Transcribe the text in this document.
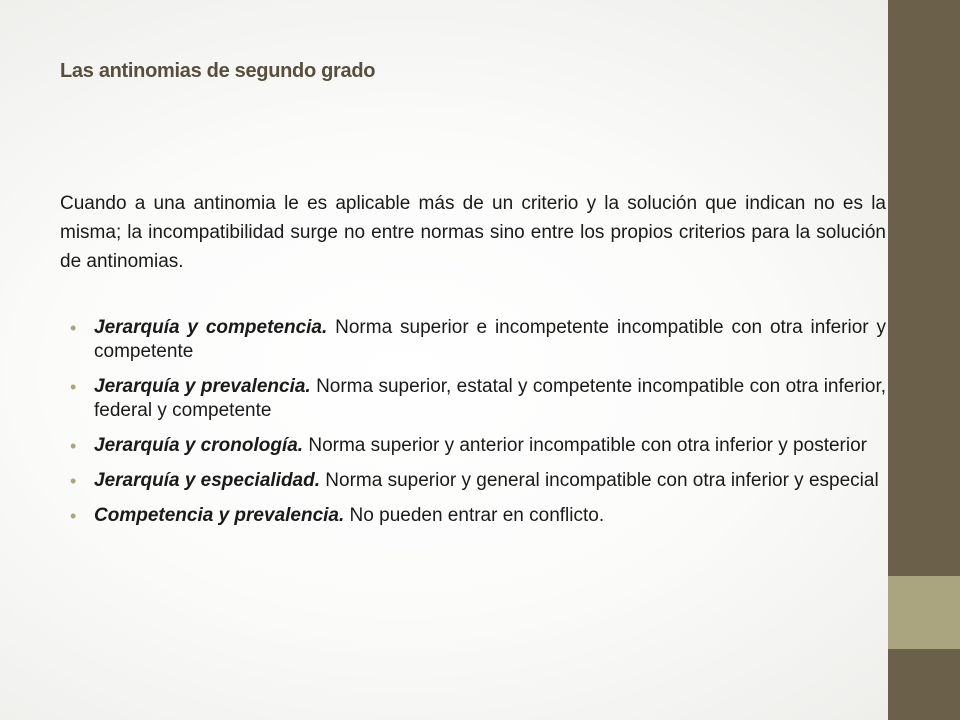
Las antinomias de segundo grado

Cuando a una antinomia le es aplicable más de un criterio y la solución que indican no es la misma; la incompatibilidad surge no entre normas sino entre los propios criterios para la solución de antinomias.

• Jerarquía y competencia. Norma superior e incompetente incompatible con otra inferior y competente
• Jerarquía y prevalencia. Norma superior, estatal y competente incompatible con otra inferior, federal y competente
• Jerarquía y cronología. Norma superior y anterior incompatible con otra inferior y posterior
• Jerarquía y especialidad. Norma superior y general incompatible con otra inferior y especial
• Competencia y prevalencia. No pueden entrar en conflicto.
